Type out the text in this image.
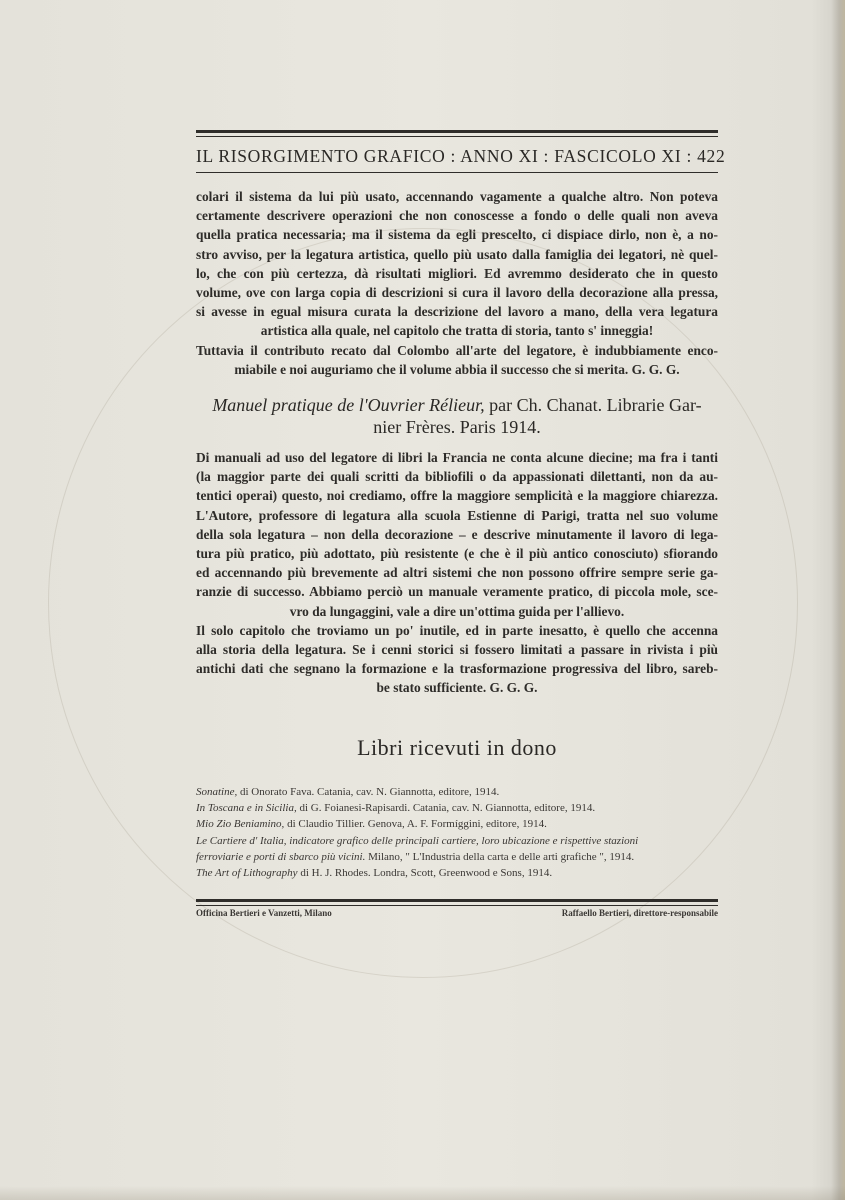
IL RISORGIMENTO GRAFICO : ANNO XI : FASCICOLO XI : 422
colari il sistema da lui più usato, accennando vagamente a qualche altro. Non poteva
certamente descrivere operazioni che non conoscesse a fondo o delle quali non aveva
quella pratica necessaria; ma il sistema da egli prescelto, ci dispiace dirlo, non è, a no-
stro avviso, per la legatura artistica, quello più usato dalla famiglia dei legatori, nè quel-
lo, che con più certezza, dà risultati migliori. Ed avremmo desiderato che in questo
volume, ove con larga copia di descrizioni si cura il lavoro della decorazione alla pressa,
si avesse in egual misura curata la descrizione del lavoro a mano, della vera legatura
artistica alla quale, nel capitolo che tratta di storia, tanto s' inneggia!
Tuttavia il contributo recato dal Colombo all'arte del legatore, è indubbiamente enco-
miabile e noi auguriamo che il volume abbia il successo che si merita. G. G. G.
Manuel pratique de l'Ouvrier Rélieur, par Ch. Chanat. Librarie Gar-
nier Frères. Paris 1914.
Di manuali ad uso del legatore di libri la Francia ne conta alcune diecine; ma fra i tanti
(la maggior parte dei quali scritti da bibliofili o da appassionati dilettanti, non da au-
tentici operai) questo, noi crediamo, offre la maggiore semplicità e la maggiore chiarezza.
L'Autore, professore di legatura alla scuola Estienne di Parigi, tratta nel suo volume
della sola legatura – non della decorazione – e descrive minutamente il lavoro di lega-
tura più pratico, più adottato, più resistente (e che è il più antico conosciuto) sfiorando
ed accennando più brevemente ad altri sistemi che non possono offrire sempre serie ga-
ranzie di successo. Abbiamo perciò un manuale veramente pratico, di piccola mole, sce-
vro da lungaggini, vale a dire un'ottima guida per l'allievo.
Il solo capitolo che troviamo un po' inutile, ed in parte inesatto, è quello che accenna
alla storia della legatura. Se i cenni storici si fossero limitati a passare in rivista i più
antichi dati che segnano la formazione e la trasformazione progressiva del libro, sareb-
be stato sufficiente. G. G. G.
Libri ricevuti in dono

Sonatine, di Onorato Fava. Catania, cav. N. Giannotta, editore, 1914.

In Toscana e in Sicilia, di G. Foianesi-Rapisardi. Catania, cav. N. Giannotta, editore, 1914.

Mio Zio Beniamino, di Claudio Tillier. Genova, A. F. Formíggini, editore, 1914.

Le Cartiere d' Italia, indicatore grafico delle principali cartiere, loro ubicazione e rispettive stazioni

ferroviarie e porti di sbarco più vicini. Milano, " L'Industria della carta e delle arti grafiche ", 1914.

The Art of Lithography di H. J. Rhodes. Londra, Scott, Greenwood e Sons, 1914.

Officina Bertieri e Vanzetti, Milano	Raffaello Bertieri, direttore-responsabile
